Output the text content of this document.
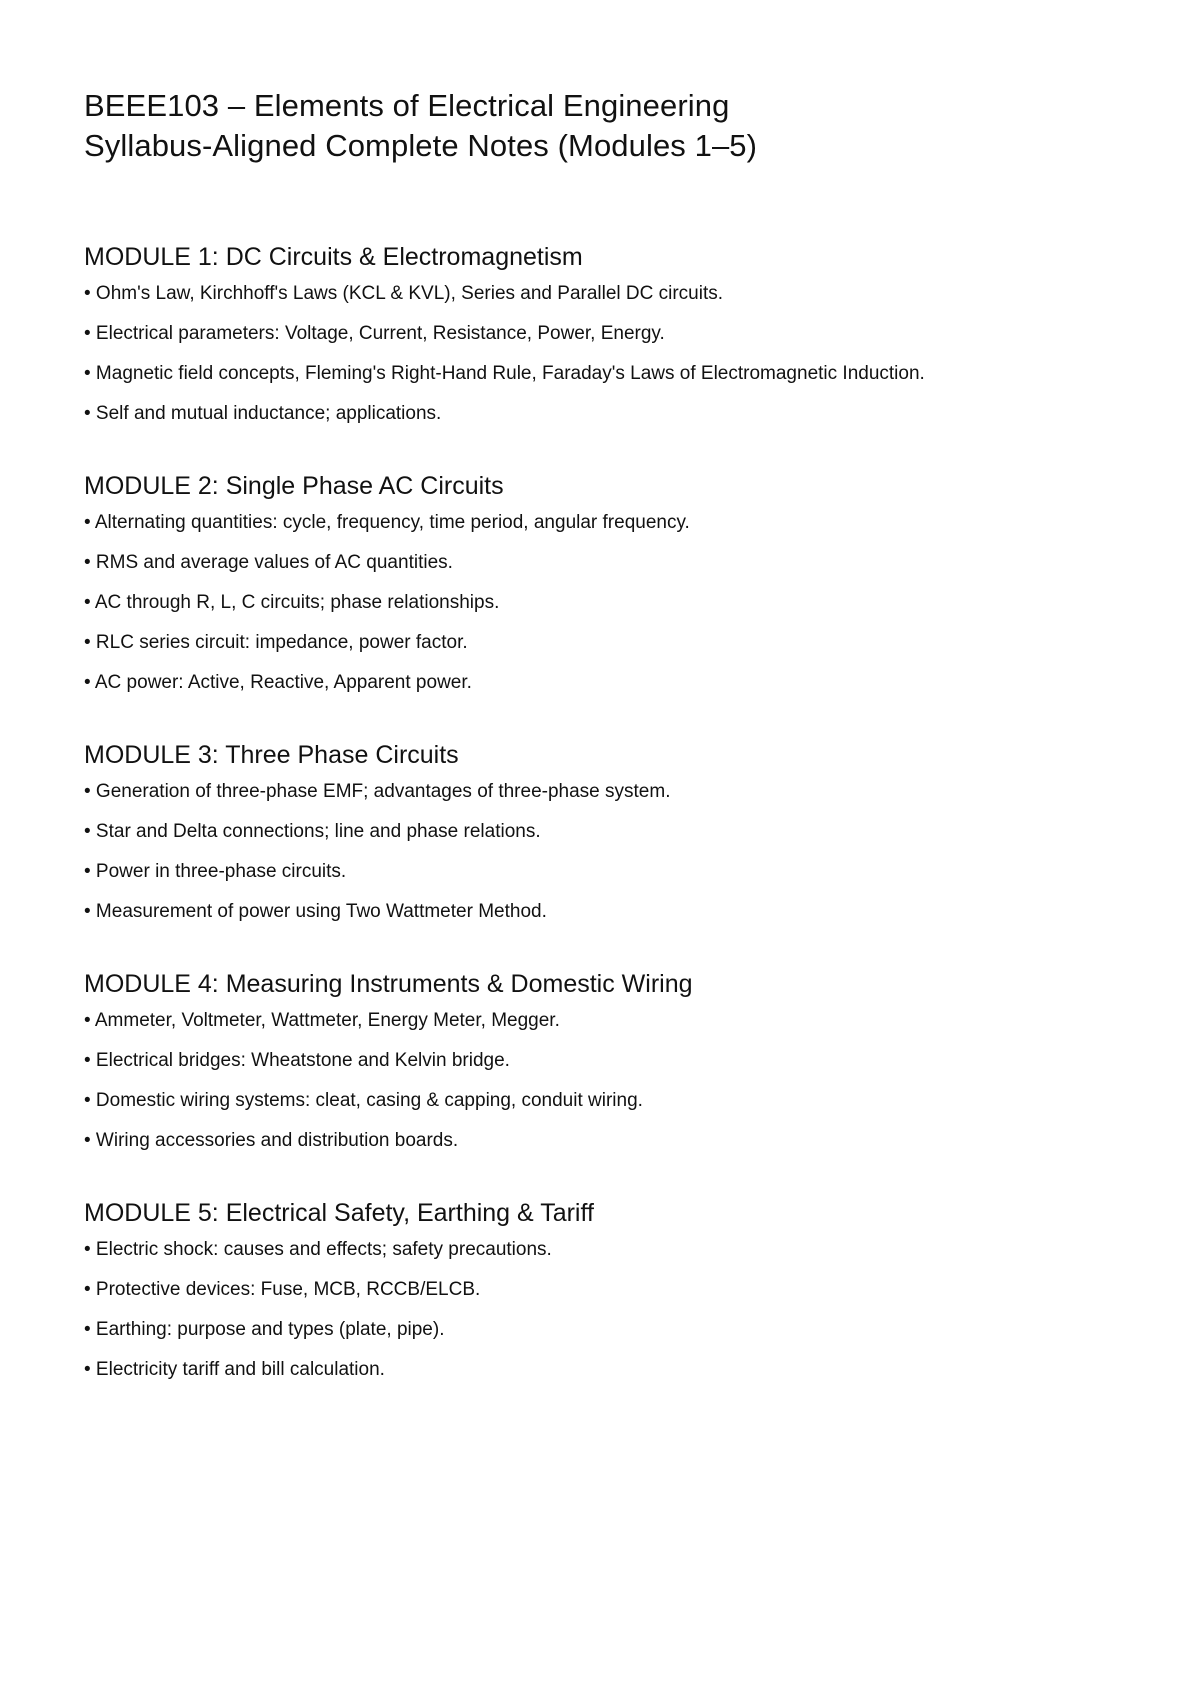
BEEE103 – Elements of Electrical Engineering
Syllabus-Aligned Complete Notes (Modules 1–5)
MODULE 1: DC Circuits & Electromagnetism
• Ohm's Law, Kirchhoff's Laws (KCL & KVL), Series and Parallel DC circuits.
• Electrical parameters: Voltage, Current, Resistance, Power, Energy.
• Magnetic field concepts, Fleming's Right-Hand Rule, Faraday's Laws of Electromagnetic Induction.
• Self and mutual inductance; applications.
MODULE 2: Single Phase AC Circuits
• Alternating quantities: cycle, frequency, time period, angular frequency.
• RMS and average values of AC quantities.
• AC through R, L, C circuits; phase relationships.
• RLC series circuit: impedance, power factor.
• AC power: Active, Reactive, Apparent power.
MODULE 3: Three Phase Circuits
• Generation of three-phase EMF; advantages of three-phase system.
• Star and Delta connections; line and phase relations.
• Power in three-phase circuits.
• Measurement of power using Two Wattmeter Method.
MODULE 4: Measuring Instruments & Domestic Wiring
• Ammeter, Voltmeter, Wattmeter, Energy Meter, Megger.
• Electrical bridges: Wheatstone and Kelvin bridge.
• Domestic wiring systems: cleat, casing & capping, conduit wiring.
• Wiring accessories and distribution boards.
MODULE 5: Electrical Safety, Earthing & Tariff
• Electric shock: causes and effects; safety precautions.
• Protective devices: Fuse, MCB, RCCB/ELCB.
• Earthing: purpose and types (plate, pipe).
• Electricity tariff and bill calculation.
